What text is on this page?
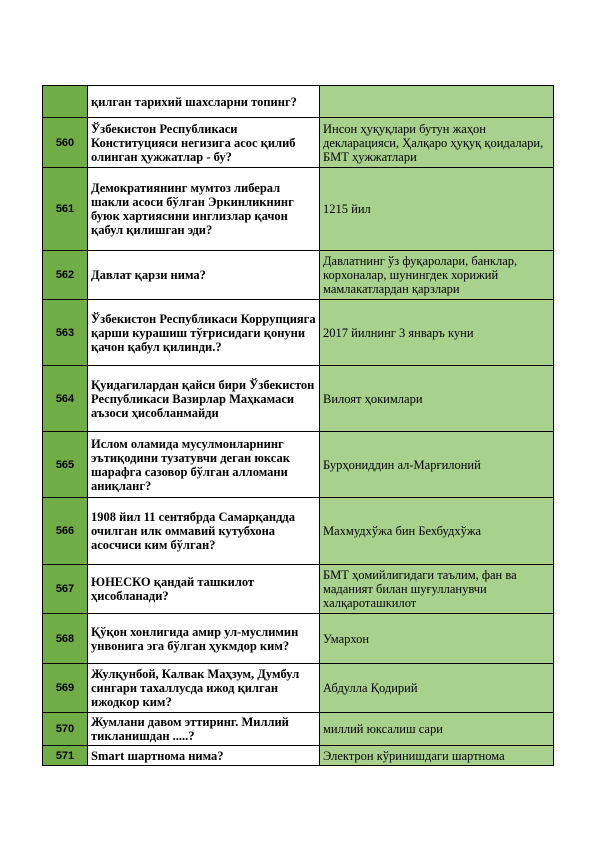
	қилган тарихий шахсларни топинг?	
560	Ўзбекистон Республикаси Конституцияси негизига асос қилиб олинган ҳужжатлар - бу?	Инсон ҳуқуқлари бутун жаҳон декларацияси, Ҳалқаро ҳуқуқ қоидалари, БМТ ҳужжатлари
561	Демократиянинг мумтоз либерал шакли асоси бўлган Эркинликнинг буюк хартиясини инглизлар қачон қабул қилишган эди?	1215 йил
562	Давлат қарзи нима?	Давлатнинг ўз фуқаролари, банклар, корхоналар, шунингдек хорижий мамлакатлардан қарзлари
563	Ўзбекистон Республикаси Коррупцияга қарши курашиш тўғрисидаги қонуни қачон қабул қилинди.?	2017 йилнинг 3 январъ куни
564	Қуидагилардан қайси бири Ўзбекистон Республикаси Вазирлар Маҳкамаси аъзоси ҳисобланмайди	Вилоят ҳокимлари
565	Ислом оламида мусулмонларнинг эътиқодини тузатувчи деган юксак шарафга сазовор бўлган алломани аниқланг?	Бурҳониддин ал-Марғилоний
566	1908 йил 11 сентябрда Самарқандда очилган илк оммавий кутубхона асосчиси ким бўлган?	Махмудхўжа бин Бехбудхўжа
567	ЮНЕСКО қандай ташкилот ҳисобланади?	БМТ ҳомийлигидаги таълим, фан ва маданият билан шуғулланувчи халқароташкилот
568	Қўқон хонлигида амир ул-муслимин унвонига эга бўлган ҳукмдор ким?	Умархон
569	Жулқунбой, Калвак Маҳзум, Думбул сингари тахаллусда ижод қилган ижодкор ким?	Абдулла Қодирий
570	Жумлани давом эттиринг. Миллий тикланишдан .....?	миллий юксалиш сари
571	Smart шартнома нима?	Электрон кўринишдаги шартнома
